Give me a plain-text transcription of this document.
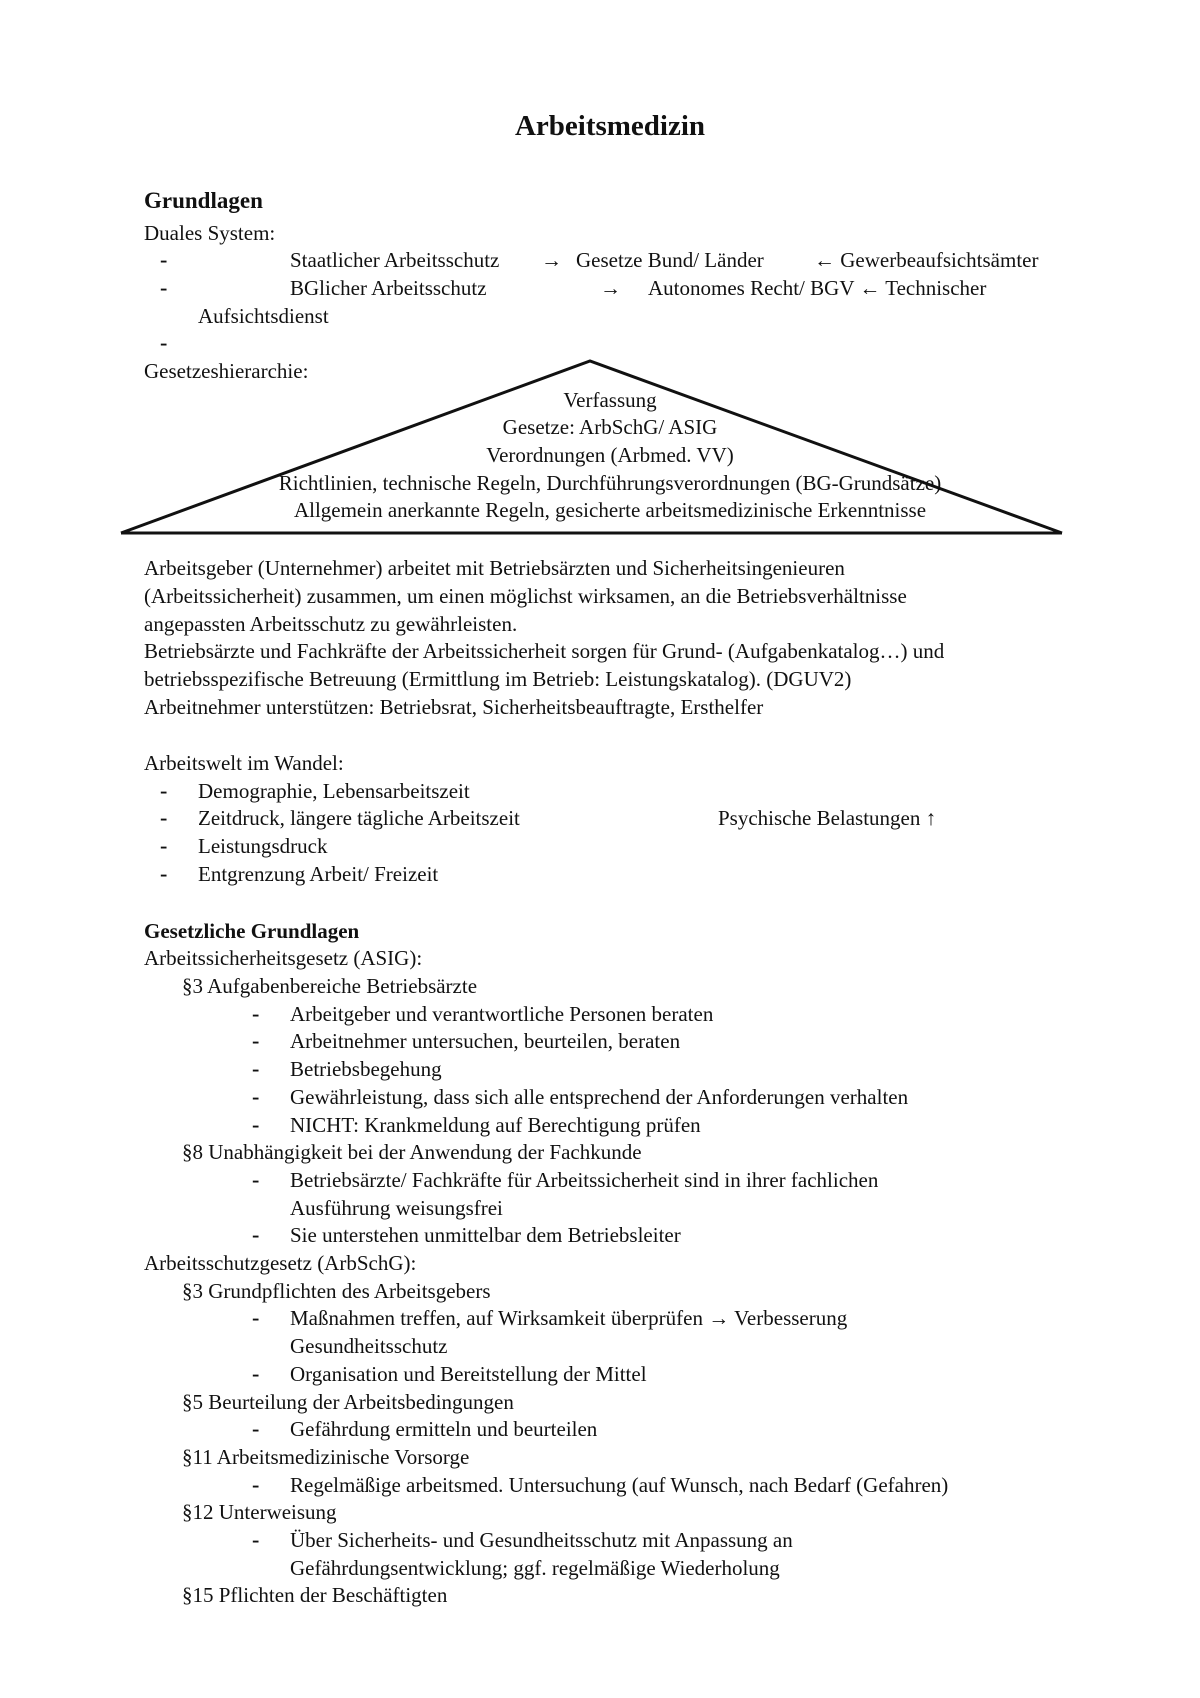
Arbeitsmedizin
Grundlagen
Duales System:
-	Staatlicher Arbeitsschutz → Gesetze Bund/ Länder ← Gewerbeaufsichtsämter
-	BGlicher Arbeitsschutz	→ Autonomes Recht/ BGV ← Technischer
Aufsichtsdienst
-
Gesetzeshierarchie:
Verfassung
Gesetze: ArbSchG/ ASIG
Verordnungen (Arbmed. VV)
Richtlinien, technische Regeln, Durchführungsverordnungen (BG-Grundsätze)
Allgemein anerkannte Regeln, gesicherte arbeitsmedizinische Erkenntnisse
Arbeitsgeber (Unternehmer) arbeitet mit Betriebsärzten und Sicherheitsingenieuren
(Arbeitssicherheit) zusammen, um einen möglichst wirksamen, an die Betriebsverhältnisse
angepassten Arbeitsschutz zu gewährleisten.
Betriebsärzte und Fachkräfte der Arbeitssicherheit sorgen für Grund- (Aufgabenkatalog…) und
betriebsspezifische Betreuung (Ermittlung im Betrieb: Leistungskatalog). (DGUV2)
Arbeitnehmer unterstützen: Betriebsrat, Sicherheitsbeauftragte, Ersthelfer
Arbeitswelt im Wandel:
- Demographie, Lebensarbeitszeit
- Zeitdruck, längere tägliche Arbeitszeit	Psychische Belastungen ↑
- Leistungsdruck
- Entgrenzung Arbeit/ Freizeit
Gesetzliche Grundlagen
Arbeitssicherheitsgesetz (ASIG):
§3 Aufgabenbereiche Betriebsärzte
- Arbeitgeber und verantwortliche Personen beraten
- Arbeitnehmer untersuchen, beurteilen, beraten
- Betriebsbegehung
- Gewährleistung, dass sich alle entsprechend der Anforderungen verhalten
- NICHT: Krankmeldung auf Berechtigung prüfen
§8 Unabhängigkeit bei der Anwendung der Fachkunde
- Betriebsärzte/ Fachkräfte für Arbeitssicherheit sind in ihrer fachlichen
Ausführung weisungsfrei
- Sie unterstehen unmittelbar dem Betriebsleiter
Arbeitsschutzgesetz (ArbSchG):
§3 Grundpflichten des Arbeitsgebers
- Maßnahmen treffen, auf Wirksamkeit überprüfen → Verbesserung
Gesundheitsschutz
- Organisation und Bereitstellung der Mittel
§5 Beurteilung der Arbeitsbedingungen
- Gefährdung ermitteln und beurteilen
§11 Arbeitsmedizinische Vorsorge
- Regelmäßige arbeitsmed. Untersuchung (auf Wunsch, nach Bedarf (Gefahren)
§12 Unterweisung
- Über Sicherheits- und Gesundheitsschutz mit Anpassung an
Gefährdungsentwicklung; ggf. regelmäßige Wiederholung
§15 Pflichten der Beschäftigten
